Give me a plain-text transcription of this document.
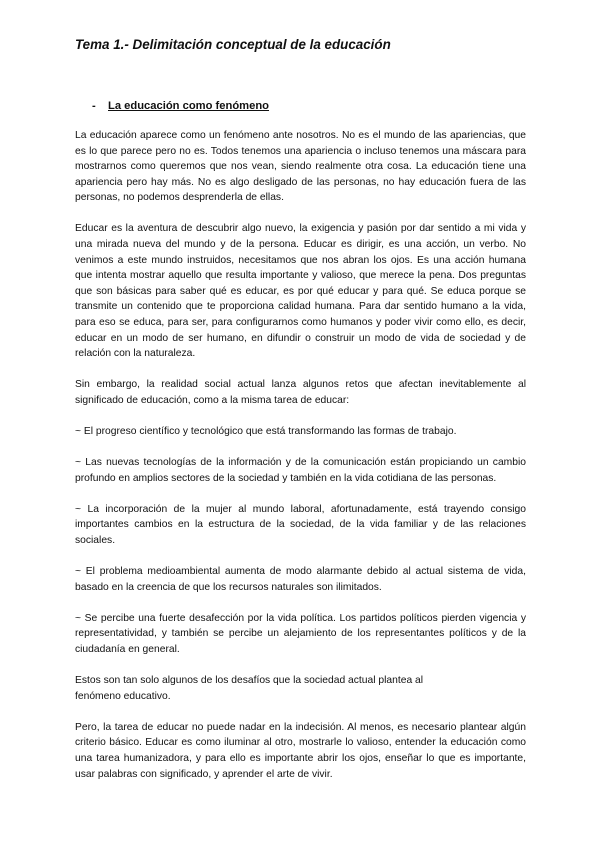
Tema 1.- Delimitación conceptual de la educación
- La educación como fenómeno

La educación aparece como un fenómeno ante nosotros. No es el mundo de las apariencias, que es lo que parece pero no es. Todos tenemos una apariencia o incluso tenemos una máscara para mostrarnos como queremos que nos vean, siendo realmente otra cosa. La educación tiene una apariencia pero hay más. No es algo desligado de las personas, no hay educación fuera de las personas, no podemos desprenderla de ellas.

Educar es la aventura de descubrir algo nuevo, la exigencia y pasión por dar sentido a mi vida y una mirada nueva del mundo y de la persona. Educar es dirigir, es una acción, un verbo. No venimos a este mundo instruidos, necesitamos que nos abran los ojos. Es una acción humana que intenta mostrar aquello que resulta importante y valioso, que merece la pena. Dos preguntas que son básicas para saber qué es educar, es por qué educar y para qué. Se educa porque se transmite un contenido que te proporciona calidad humana. Para dar sentido humano a la vida, para eso se educa, para ser, para configurarnos como humanos y poder vivir como ello, es decir, educar en un modo de ser humano, en difundir o construir un modo de vida de sociedad y de relación con la naturaleza.

Sin embargo, la realidad social actual lanza algunos retos que afectan inevitablemente al significado de educación, como a la misma tarea de educar:

~ El progreso científico y tecnológico que está transformando las formas de trabajo.

~ Las nuevas tecnologías de la información y de la comunicación están propiciando un cambio profundo en amplios sectores de la sociedad y también en la vida cotidiana de las personas.

~ La incorporación de la mujer al mundo laboral, afortunadamente, está trayendo consigo importantes cambios en la estructura de la sociedad, de la vida familiar y de las relaciones sociales.

~ El problema medioambiental aumenta de modo alarmante debido al actual sistema de vida, basado en la creencia de que los recursos naturales son ilimitados.

~ Se percibe una fuerte desafección por la vida política. Los partidos políticos pierden vigencia y representatividad, y también se percibe un alejamiento de los representantes políticos y de la ciudadanía en general.

Estos son tan solo algunos de los desafíos que la sociedad actual plantea al
fenómeno educativo.

Pero, la tarea de educar no puede nadar en la indecisión. Al menos, es necesario plantear algún criterio básico. Educar es como iluminar al otro, mostrarle lo valioso, entender la educación como una tarea humanizadora, y para ello es importante abrir los ojos, enseñar lo que es importante, usar palabras con significado, y aprender el arte de vivir.
